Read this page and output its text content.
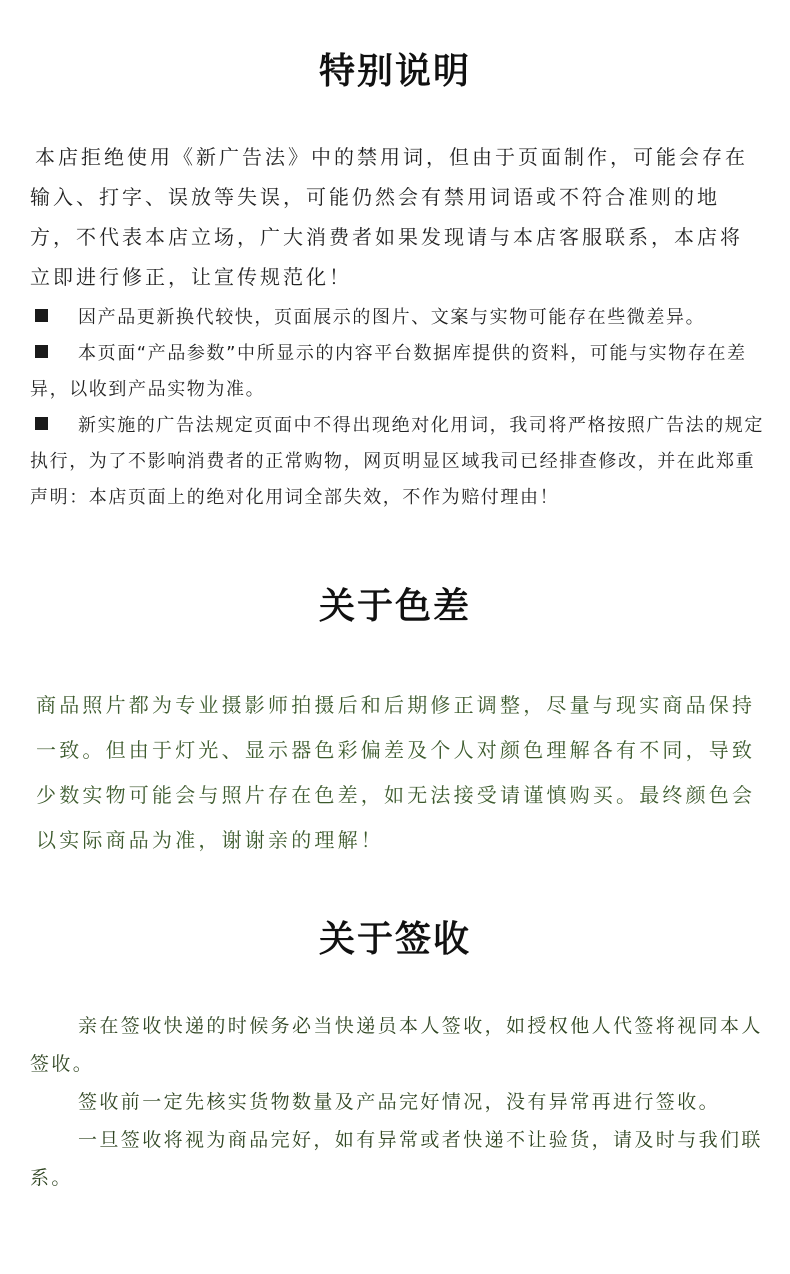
特别说明

本店拒绝使用《新广告法》中的禁用词，但由于页面制作，可能会存在输入、打字、误放等失误，可能仍然会有禁用词语或不符合准则的地方，不代表本店立场，广大消费者如果发现请与本店客服联系，本店将立即进行修正，让宣传规范化！

因产品更新换代较快，页面展示的图片、文案与实物可能存在些微差异。
本页面“产品参数”中所显示的内容平台数据库提供的资料，可能与实物存在差异，以收到产品实物为准。
新实施的广告法规定页面中不得出现绝对化用词，我司将严格按照广告法的规定执行，为了不影响消费者的正常购物，网页明显区域我司已经排查修改，并在此郑重声明：本店页面上的绝对化用词全部失效，不作为赔付理由！
关于色差

商品照片都为专业摄影师拍摄后和后期修正调整，尽量与现实商品保持一致。但由于灯光、显示器色彩偏差及个人对颜色理解各有不同，导致少数实物可能会与照片存在色差，如无法接受请谨慎购买。最终颜色会以实际商品为准，谢谢亲的理解！

关于签收

亲在签收快递的时候务必当快递员本人签收，如授权他人代签将视同本人签收。

签收前一定先核实货物数量及产品完好情况，没有异常再进行签收。

一旦签收将视为商品完好，如有异常或者快递不让验货，请及时与我们联系。
